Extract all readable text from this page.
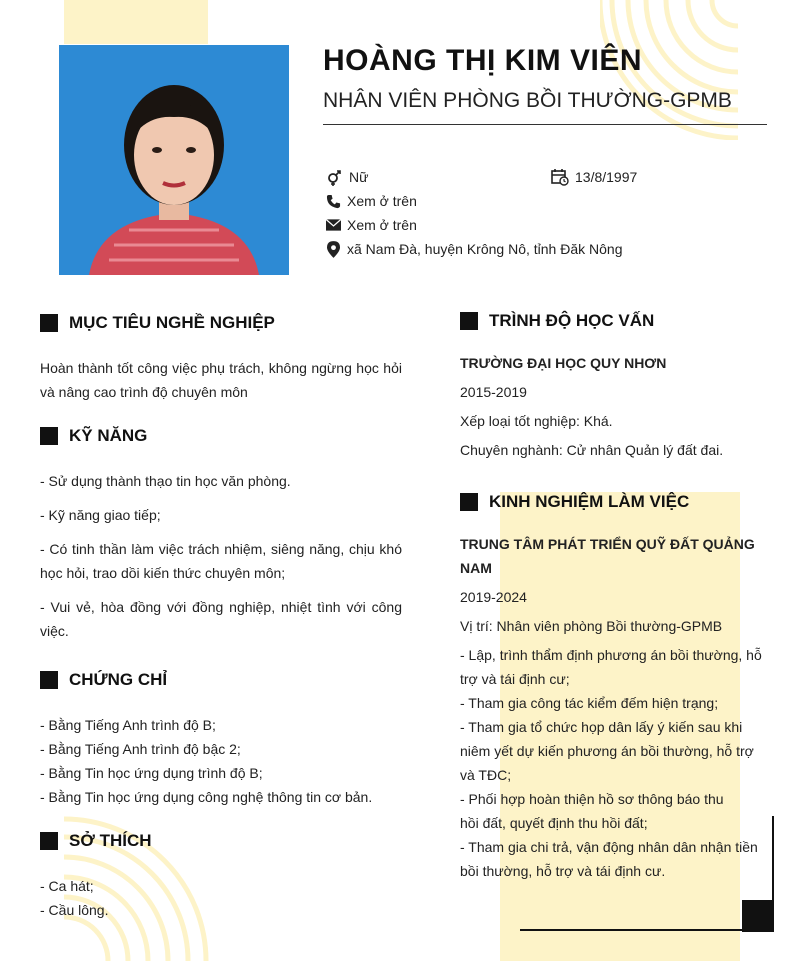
HOÀNG THỊ KIM VIÊN
NHÂN VIÊN PHÒNG BỒI THƯỜNG-GPMB
Nữ	13/8/1997
Xem ở trên
Xem ở trên
xã Nam Đà, huyện Krông Nô, tỉnh Đăk Nông
MỤC TIÊU NGHỀ NGHIỆP
Hoàn thành tốt công việc phụ trách, không ngừng học hỏi và nâng cao trình độ chuyên môn
KỸ NĂNG
- Sử dụng thành thạo tin học văn phòng.
- Kỹ năng giao tiếp;
- Có tinh thần làm việc trách nhiệm, siêng năng, chịu khó học hỏi, trao dồi kiến thức chuyên môn;
- Vui vẻ, hòa đồng với đồng nghiệp, nhiệt tình với công việc.
CHỨNG CHỈ
- Bằng Tiếng Anh trình độ B;
- Bằng Tiếng Anh trình độ bậc 2;
- Bằng Tin học ứng dụng trình độ B;
- Bằng Tin học ứng dụng công nghệ thông tin cơ bản.
SỞ THÍCH
- Ca hát;
- Cầu lông.
TRÌNH ĐỘ HỌC VẤN
TRƯỜNG ĐẠI HỌC QUY NHƠN
2015-2019
Xếp loại tốt nghiệp: Khá.
Chuyên nghành: Cử nhân Quản lý đất đai.
KINH NGHIỆM LÀM VIỆC
TRUNG TÂM PHÁT TRIỂN QUỸ ĐẤT QUẢNG NAM
2019-2024
Vị trí: Nhân viên phòng Bồi thường-GPMB
- Lập, trình thẩm định phương án bồi thường, hỗ trợ và tái định cư;
- Tham gia công tác kiểm đếm hiện trạng;
- Tham gia tổ chức họp dân lấy ý kiến sau khi niêm yết dự kiến phương án bồi thường, hỗ trợ và TĐC;
- Phối hợp hoàn thiện hồ sơ thông báo thu hồi đất, quyết định thu hồi đất;
- Tham gia chi trả, vận động nhân dân nhận tiền bồi thường, hỗ trợ và tái định cư.
